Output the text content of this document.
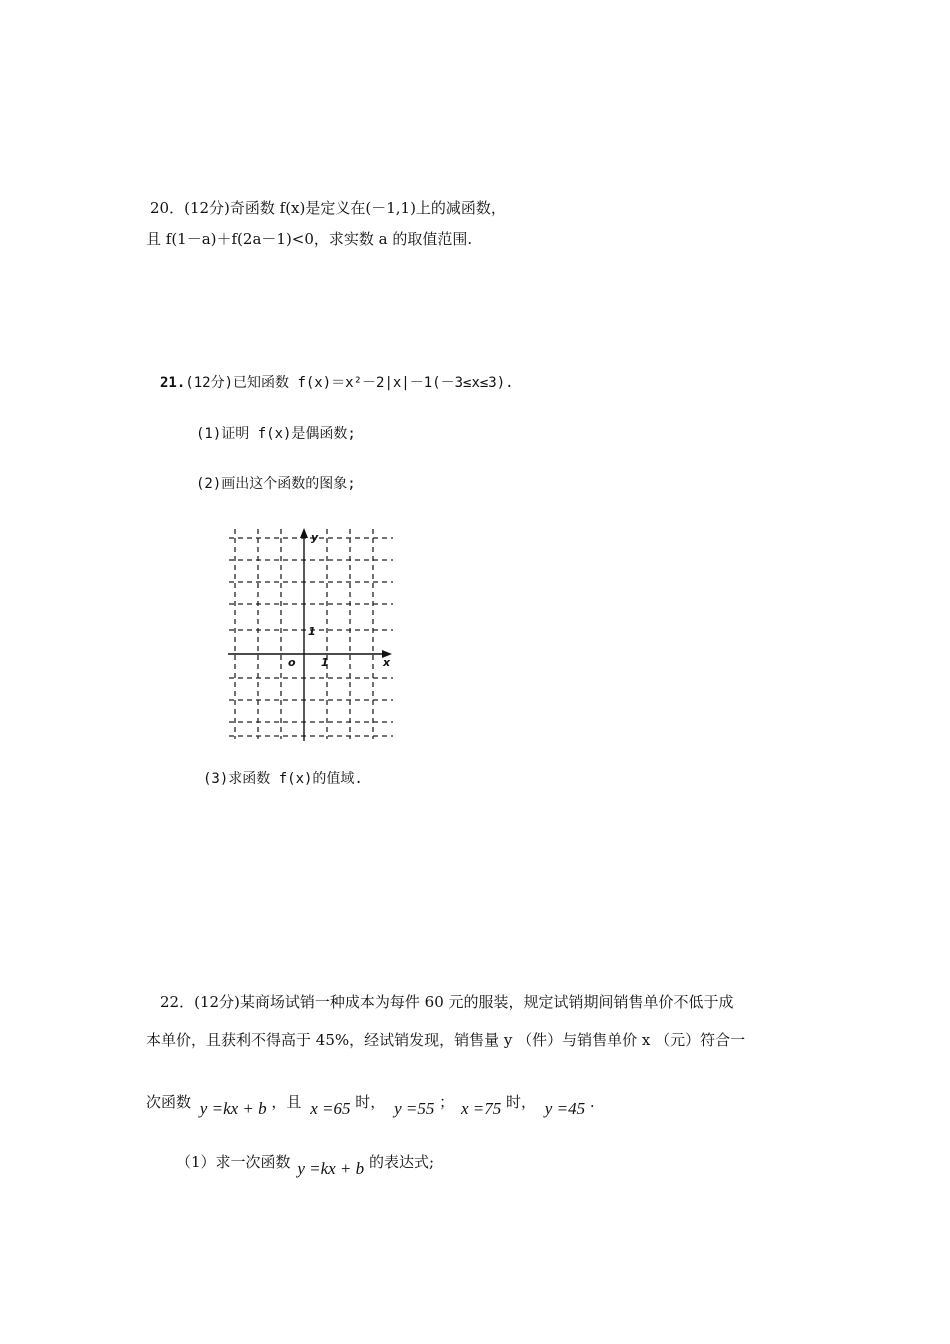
20．(12分)奇函数 f(x)是定义在(－1,1)上的减函数，
且 f(1－a)＋f(2a－1)<0，求实数 a 的取值范围.
21.(12分)已知函数 f(x)＝x²－2|x|－1(－3≤x≤3).
(1)证明 f(x)是偶函数;
(2)画出这个函数的图象;
y
x
o
1
1
(3)求函数 f(x)的值域.
22．(12分)某商场试销一种成本为每件 60 元的服装，规定试销期间销售单价不低于成
本单价，且获利不得高于 45%，经试销发现，销售量 y （件）与销售单价 x （元）符合一
次函数 y =kx + b ，且 x =65 时， y =55 ； x =75 时， y =45 .
（1）求一次函数 y =kx + b 的表达式;
